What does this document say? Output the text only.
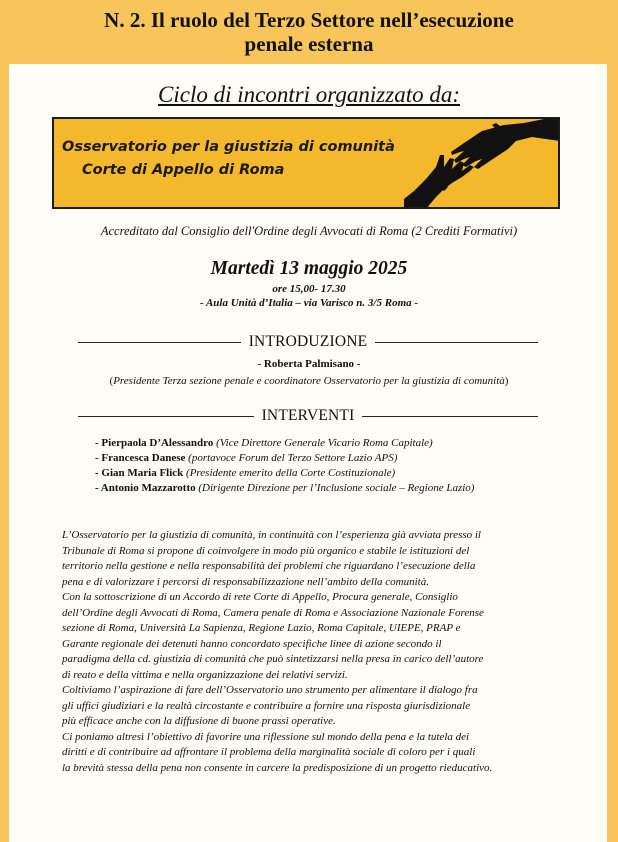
N. 2. Il ruolo del Terzo Settore nell’esecuzione
penale esterna
Ciclo di incontri organizzato da:
Osservatorio per la giustizia di comunità
Corte di Appello di Roma
Accreditato dal Consiglio dell'Ordine degli Avvocati di Roma (2 Crediti Formativi)
Martedì 13 maggio 2025
ore 15,00- 17.30
- Aula Unità d’Italia – via Varisco n. 3/5 Roma -
INTRODUZIONE
- Roberta Palmisano -
(Presidente Terza sezione penale e coordinatore Osservatorio per la giustizia di comunità)
INTERVENTI
- Pierpaola D’Alessandro (Vice Direttore Generale Vicario Roma Capitale)
- Francesca Danese (portavoce Forum del Terzo Settore Lazio APS)
- Gian Maria Flick (Presidente emerito della Corte Costituzionale)
- Antonio Mazzarotto (Dirigente Direzione per l’Inclusione sociale – Regione Lazio)

L’Osservatorio per la giustizia di comunità, in continuità con l’esperienza già avviata presso il

Tribunale di Roma si propone di coinvolgere in modo più organico e stabile le istituzioni del

territorio nella gestione e nella responsabilità dei problemi che riguardano l’esecuzione della

pena e di valorizzare i percorsi di responsabilizzazione nell’ambito della comunità.

Con la sottoscrizione di un Accordo di rete Corte di Appello, Procura generale, Consiglio

dell’Ordine degli Avvocati di Roma, Camera penale di Roma e Associazione Nazionale Forense

sezione di Roma, Università La Sapienza, Regione Lazio, Roma Capitale, UIEPE, PRAP e

Garante regionale dei detenuti hanno concordato specifiche linee di azione secondo il

paradigma della cd. giustizia di comunità che può sintetizzarsi nella presa in carico dell’autore

di reato e della vittima e nella organizzazione dei relativi servizi.

Coltiviamo l’aspirazione di fare dell’Osservatorio uno strumento per alimentare il dialogo fra

gli uffici giudiziari e la realtà circostante e contribuire a fornire una risposta giurisdizionale

più efficace anche con la diffusione di buone prassi operative.

Ci poniamo altresì l’obiettivo di favorire una riflessione sul mondo della pena e la tutela dei

diritti e di contribuire ad affrontare il problema della marginalità sociale di coloro per i quali

la brevità stessa della pena non consente in carcere la predisposizione di un progetto rieducativo.
